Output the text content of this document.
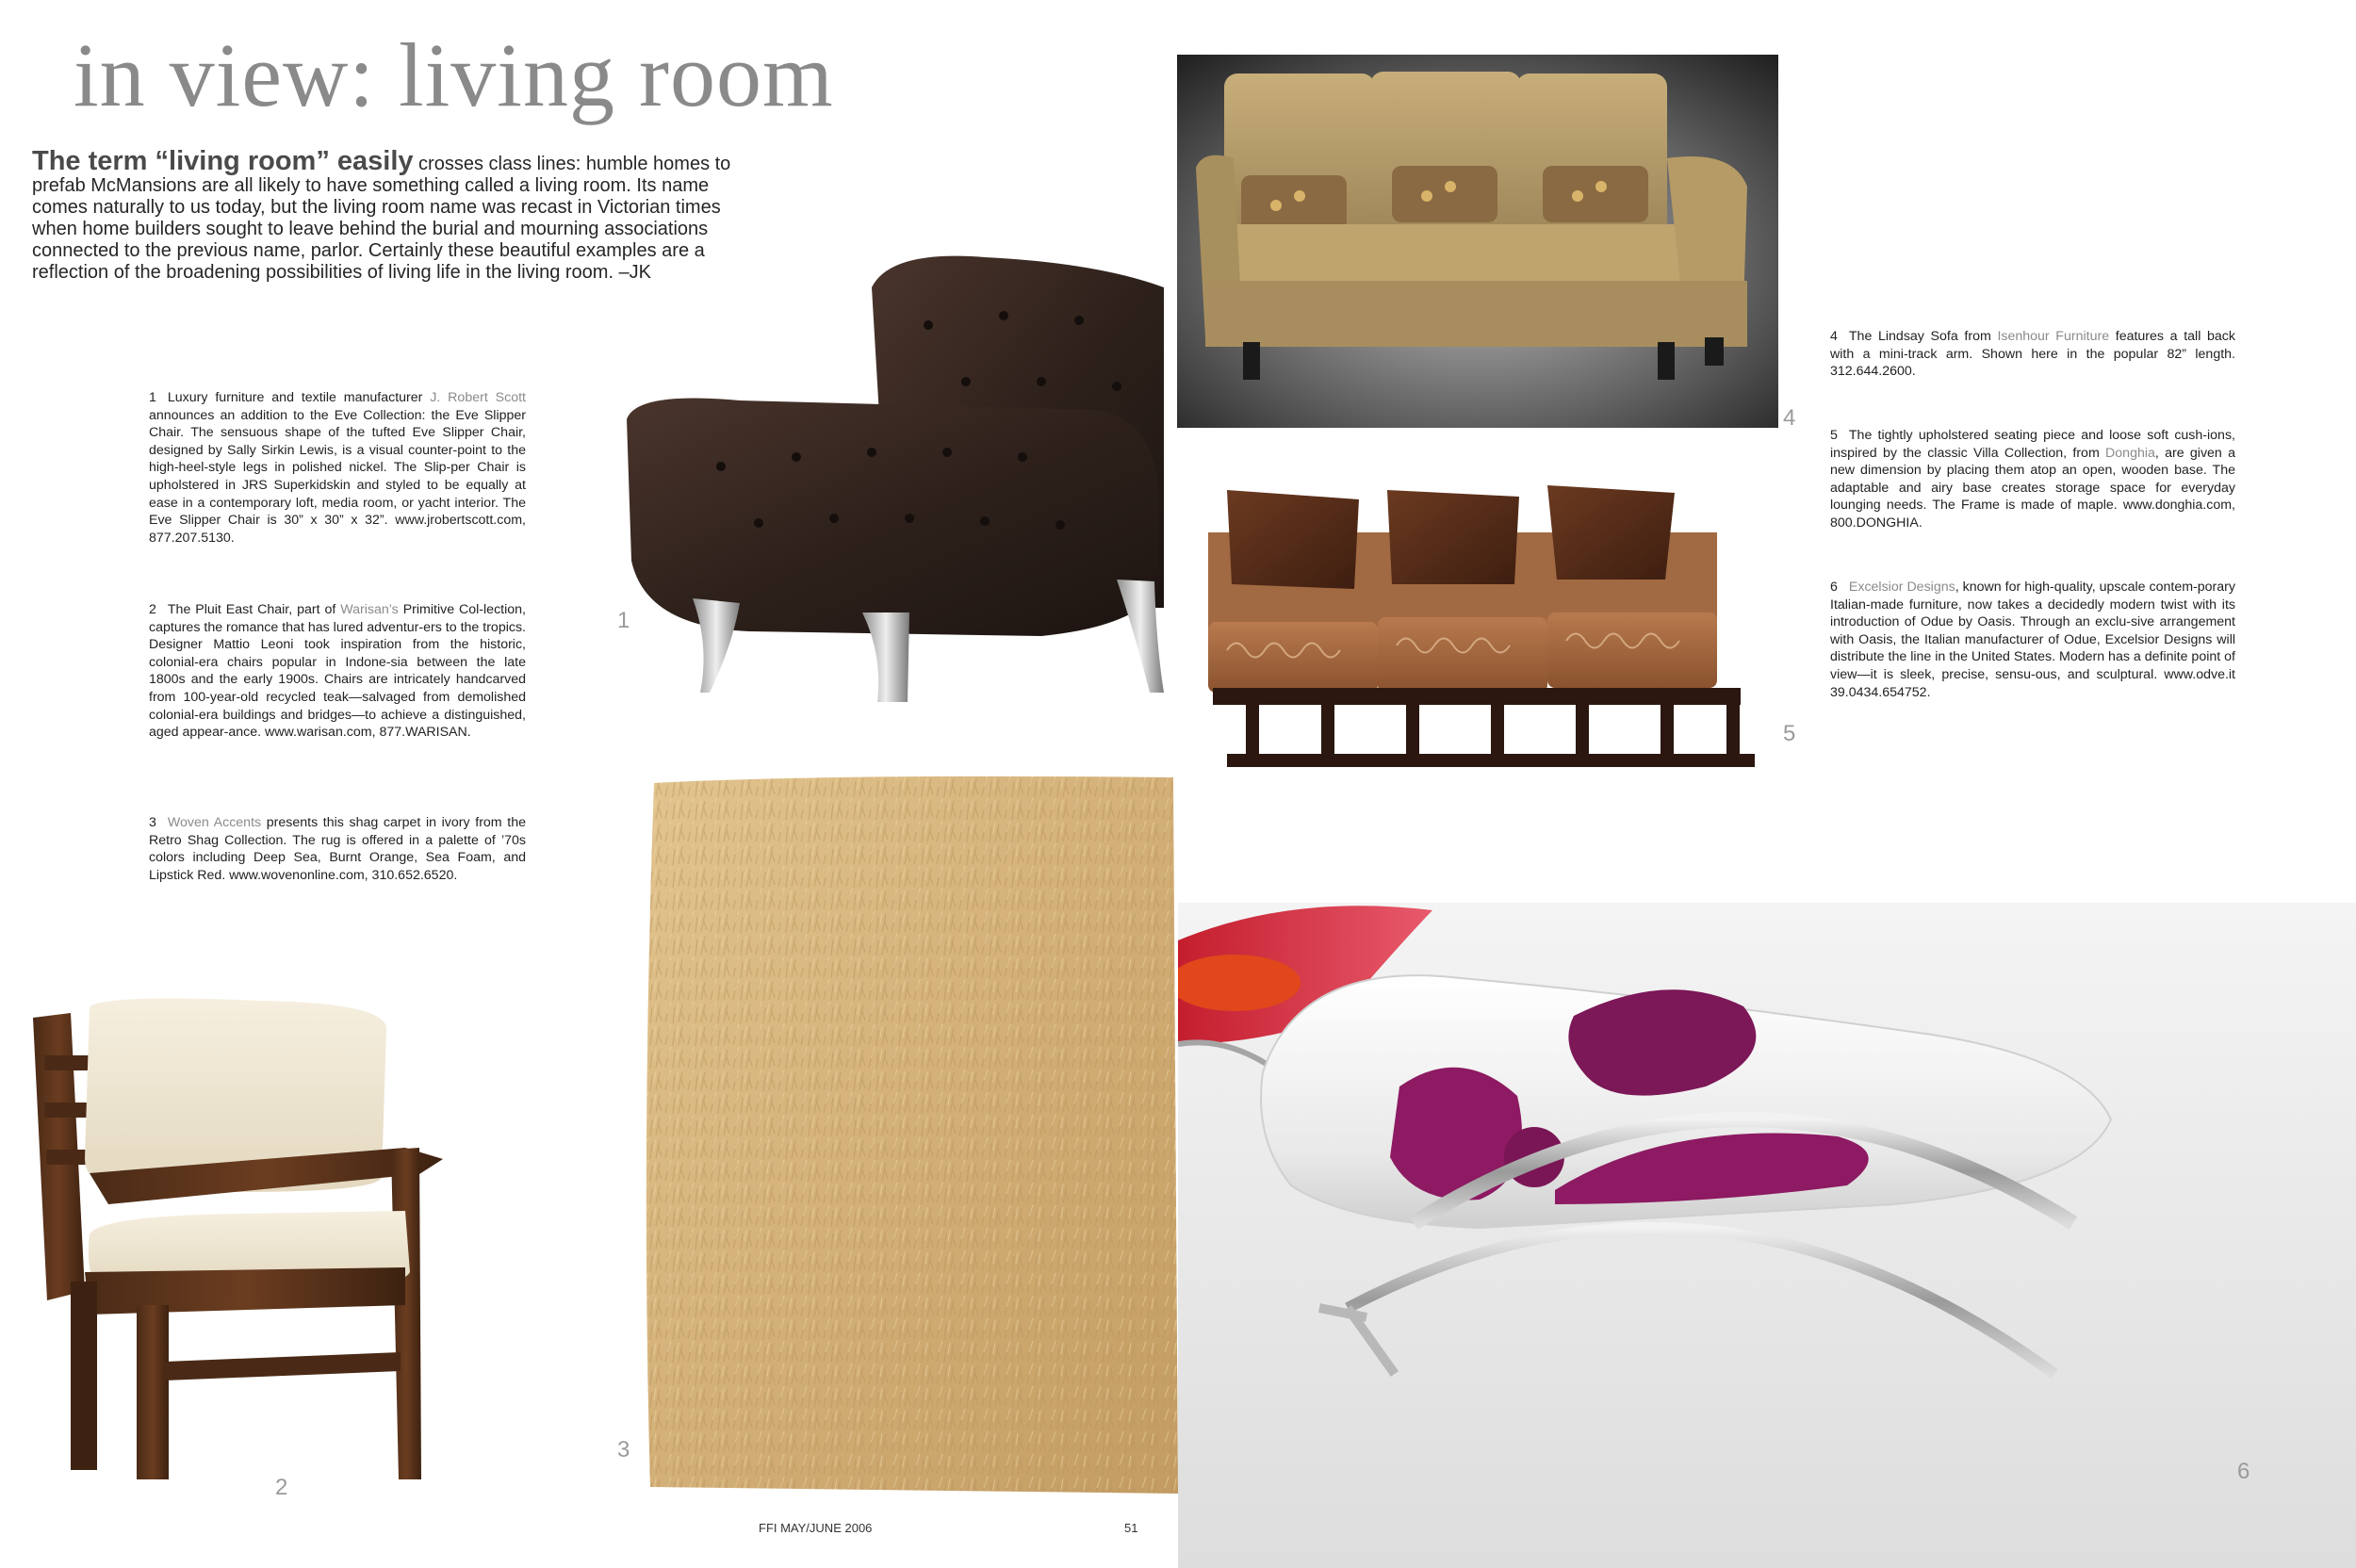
in view: living room

The term “living room” easily crosses class lines: humble homes to prefab McMansions are all likely to have something called a living room. Its name comes naturally to us today, but the living room name was recast in Victorian times when home builders sought to leave behind the burial and mourning associations connected to the previous name, parlor. Certainly these beautiful examples are a reflection of the broadening possibilities of living life in the living room. –JK

1 Luxury furniture and textile manufacturer J. Robert Scott announces an addition to the Eve Collection: the Eve Slipper Chair. The sensuous shape of the tufted Eve Slipper Chair, designed by Sally Sirkin Lewis, is a visual counter-point to the high-heel-style legs in polished nickel. The Slip-per Chair is upholstered in JRS Superkidskin and styled to be equally at ease in a contemporary loft, media room, or yacht interior. The Eve Slipper Chair is 30” x 30” x 32”. www.jrobertscott.com, 877.207.5130.

2 The Pluit East Chair, part of Warisan’s Primitive Col-lection, captures the romance that has lured adventur-ers to the tropics. Designer Mattio Leoni took inspiration from the historic, colonial-era chairs popular in Indone-sia between the late 1800s and the early 1900s. Chairs are intricately handcarved from 100-year-old recycled teak—salvaged from demolished colonial-era buildings and bridges—to achieve a distinguished, aged appear-ance. www.warisan.com, 877.WARISAN.

3 Woven Accents presents this shag carpet in ivory from the Retro Shag Collection. The rug is offered in a palette of ’70s colors including Deep Sea, Burnt Orange, Sea Foam, and Lipstick Red. www.wovenonline.com, 310.652.6520.

4 The Lindsay Sofa from Isenhour Furniture features a tall back with a mini-track arm. Shown here in the popular 82” length. 312.644.2600.

5 The tightly upholstered seating piece and loose soft cush-ions, inspired by the classic Villa Collection, from Donghia, are given a new dimension by placing them atop an open, wooden base. The adaptable and airy base creates storage space for everyday lounging needs. The Frame is made of maple. www.donghia.com, 800.DONGHIA.

6 Excelsior Designs, known for high-quality, upscale contem-porary Italian-made furniture, now takes a decidedly modern twist with its introduction of Odue by Oasis. Through an exclu-sive arrangement with Oasis, the Italian manufacturer of Odue, Excelsior Designs will distribute the line in the United States. Modern has a definite point of view—it is sleek, precise, sensu-ous, and sculptural. www.odve.it 39.0434.654752.

1

4

5

3

2

6

FFI MAY/JUNE 2006	51
